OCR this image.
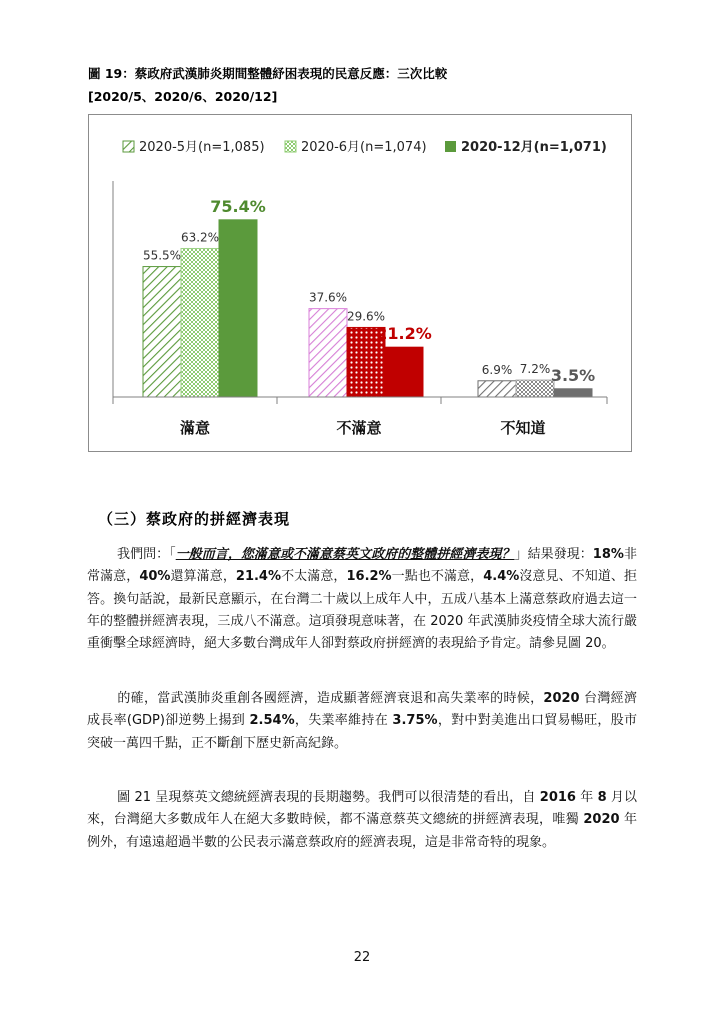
圖 19：蔡政府武漢肺炎期間整體紓困表現的民意反應：三次比較
[2020/5、2020/6、2020/12]
2020-5月(n=1,085)	2020-6月(n=1,074)	2020-12月(n=1,071)
55.5%
63.2%
75.4%
37.6%
29.6%
21.2%
6.9% 7.2% 3.5%
滿意	不滿意	不知道
（三）蔡政府的拼經濟表現

我們問：「一般而言，您滿意或不滿意蔡英文政府的整體拼經濟表現？」結果發現：18%非常滿意，40%還算滿意，21.4%不太滿意，16.2%一點也不滿意，4.4%沒意見、不知道、拒答。換句話說，最新民意顯示，在台灣二十歲以上成年人中，五成八基本上滿意蔡政府過去這一年的整體拼經濟表現，三成八不滿意。這項發現意味著，在 2020 年武漢肺炎疫情全球大流行嚴重衝擊全球經濟時，絕大多數台灣成年人卻對蔡政府拼經濟的表現給予肯定。請參見圖 20。

的確，當武漢肺炎重創各國經濟，造成顯著經濟衰退和高失業率的時候，2020 台灣經濟成長率(GDP)卻逆勢上揚到 2.54%，失業率維持在 3.75%，對中對美進出口貿易暢旺，股市突破一萬四千點，正不斷創下歷史新高紀錄。

圖 21 呈現蔡英文總統經濟表現的長期趨勢。我們可以很清楚的看出，自 2016 年 8 月以來，台灣絕大多數成年人在絕大多數時候，都不滿意蔡英文總統的拼經濟表現，唯獨 2020 年例外，有遠遠超過半數的公民表示滿意蔡政府的經濟表現，這是非常奇特的現象。

22
